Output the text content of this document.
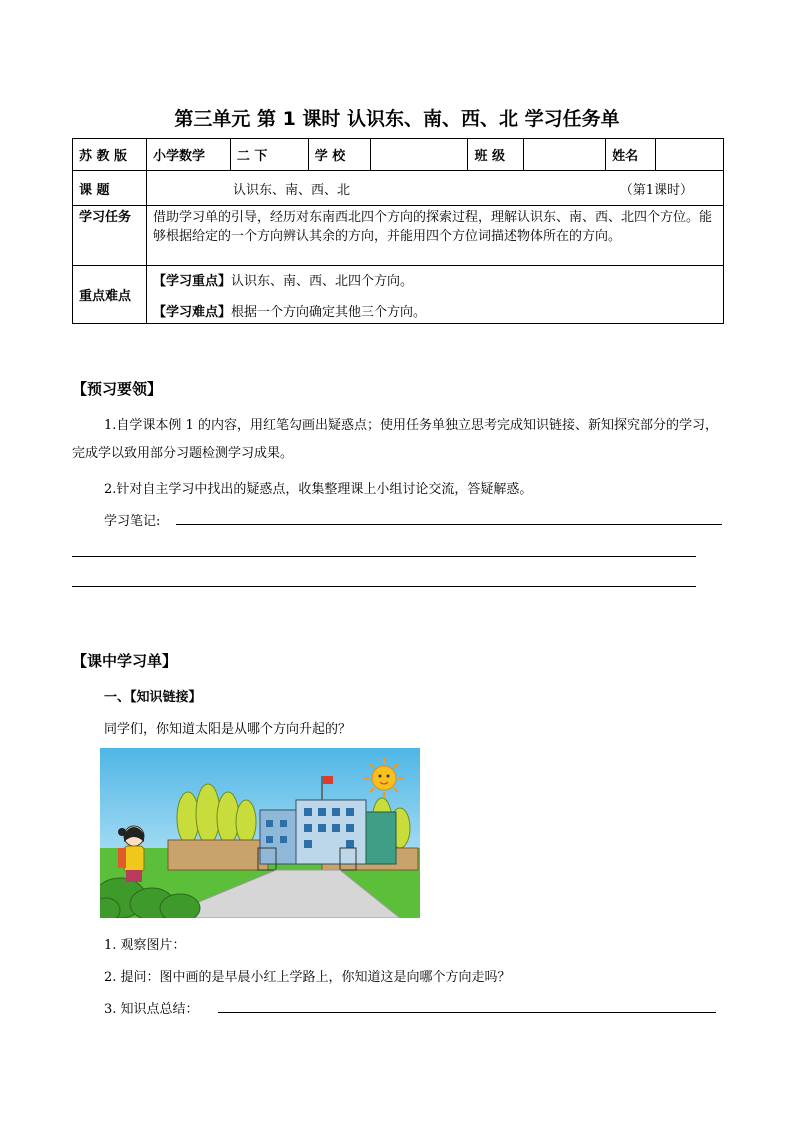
第三单元 第 1 课时 认识东、南、西、北 学习任务单
苏 教 版	小学数学	二 下	学 校		班 级		姓名	
课 题	认识东、南、西、北 （第1课时）							

学习任务	借助学习单的引导，经历对东南西北四个方向的探索过程，理解认识东、南、西、北四个方位。能够根据给定的一个方向辨认其余的方向，并能用四个方位词描述物体所在的方向。							
重点难点	【学习重点】认识东、南、西、北四个方向。
【学习难点】根据一个方向确定其他三个方向。							
【预习要领】
1.自学课本例 1 的内容，用红笔勾画出疑惑点；使用任务单独立思考完成知识链接、新知探究部分的学习，完成学以致用部分习题检测学习成果。
2.针对自主学习中找出的疑惑点，收集整理课上小组讨论交流，答疑解惑。
学习笔记:
【课中学习单】
一、【知识链接】
同学们，你知道太阳是从哪个方向升起的？
1. 观察图片：
2. 提问：图中画的是早晨小红上学路上，你知道这是向哪个方向走吗？
3. 知识点总结：
